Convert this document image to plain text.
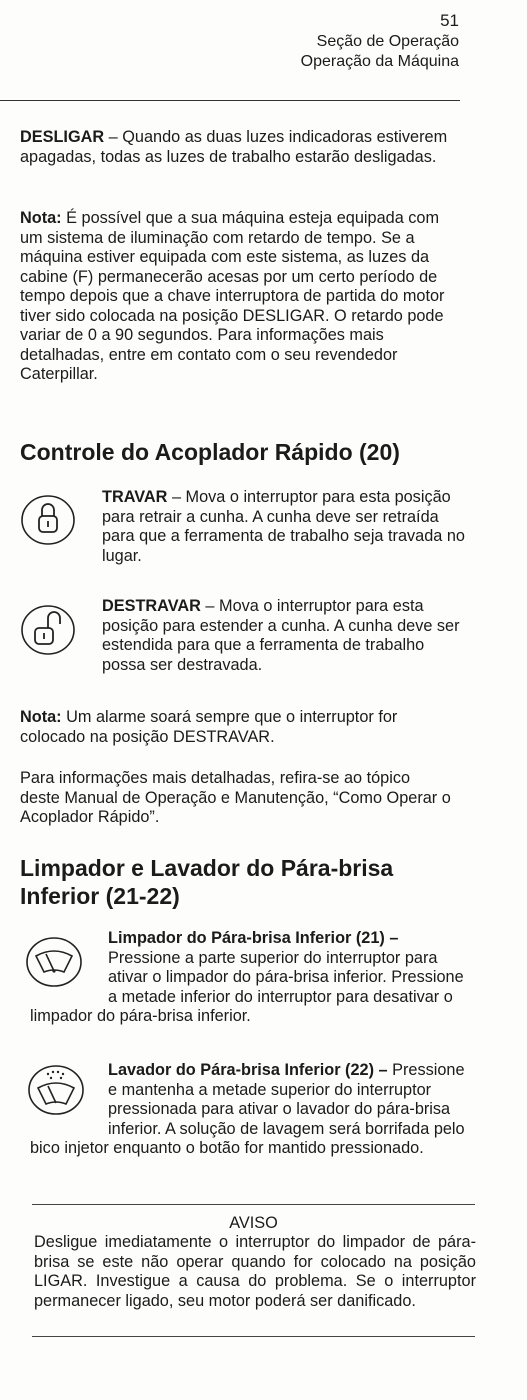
51
Seção de Operação
Operação da Máquina

DESLIGAR – Quando as duas luzes indicadoras estiverem apagadas, todas as luzes de trabalho estarão desligadas.

Nota: É possível que a sua máquina esteja equipada com um sistema de iluminação com retardo de tempo. Se a máquina estiver equipada com este sistema, as luzes da cabine (F) permanecerão acesas por um certo período de tempo depois que a chave interruptora de partida do motor tiver sido colocada na posição DESLIGAR. O retardo pode variar de 0 a 90 segundos. Para informações mais detalhadas, entre em contato com o seu revendedor Caterpillar.

Controle do Acoplador Rápido (20)
TRAVAR – Mova o interruptor para esta posição para retrair a cunha. A cunha deve ser retraída para que a ferramenta de trabalho seja travada no lugar.
DESTRAVAR – Mova o interruptor para esta posição para estender a cunha. A cunha deve ser estendida para que a ferramenta de trabalho possa ser destravada.

Nota: Um alarme soará sempre que o interruptor for colocado na posição DESTRAVAR.

Para informações mais detalhadas, refira-se ao tópico deste Manual de Operação e Manutenção, “Como Operar o Acoplador Rápido”.

Limpador e Lavador do Pára-brisa
Inferior (21-22)
Limpador do Pára-brisa Inferior (21) – Pressione a parte superior do interruptor para ativar o limpador do pára-brisa inferior. Pressione a metade inferior do interruptor para desativar o limpador do pára-brisa inferior.
Lavador do Pára-brisa Inferior (22) – Pressione e mantenha a metade superior do interruptor pressionada para ativar o lavador do pára-brisa inferior. A solução de lavagem será borrifada pelo bico injetor enquanto o botão for mantido pressionado.
AVISO
Desligue imediatamente o interruptor do limpador de pára-brisa se este não operar quando for colocado na posição LIGAR. Investigue a causa do problema. Se o interruptor permanecer ligado, seu motor poderá ser danificado.
